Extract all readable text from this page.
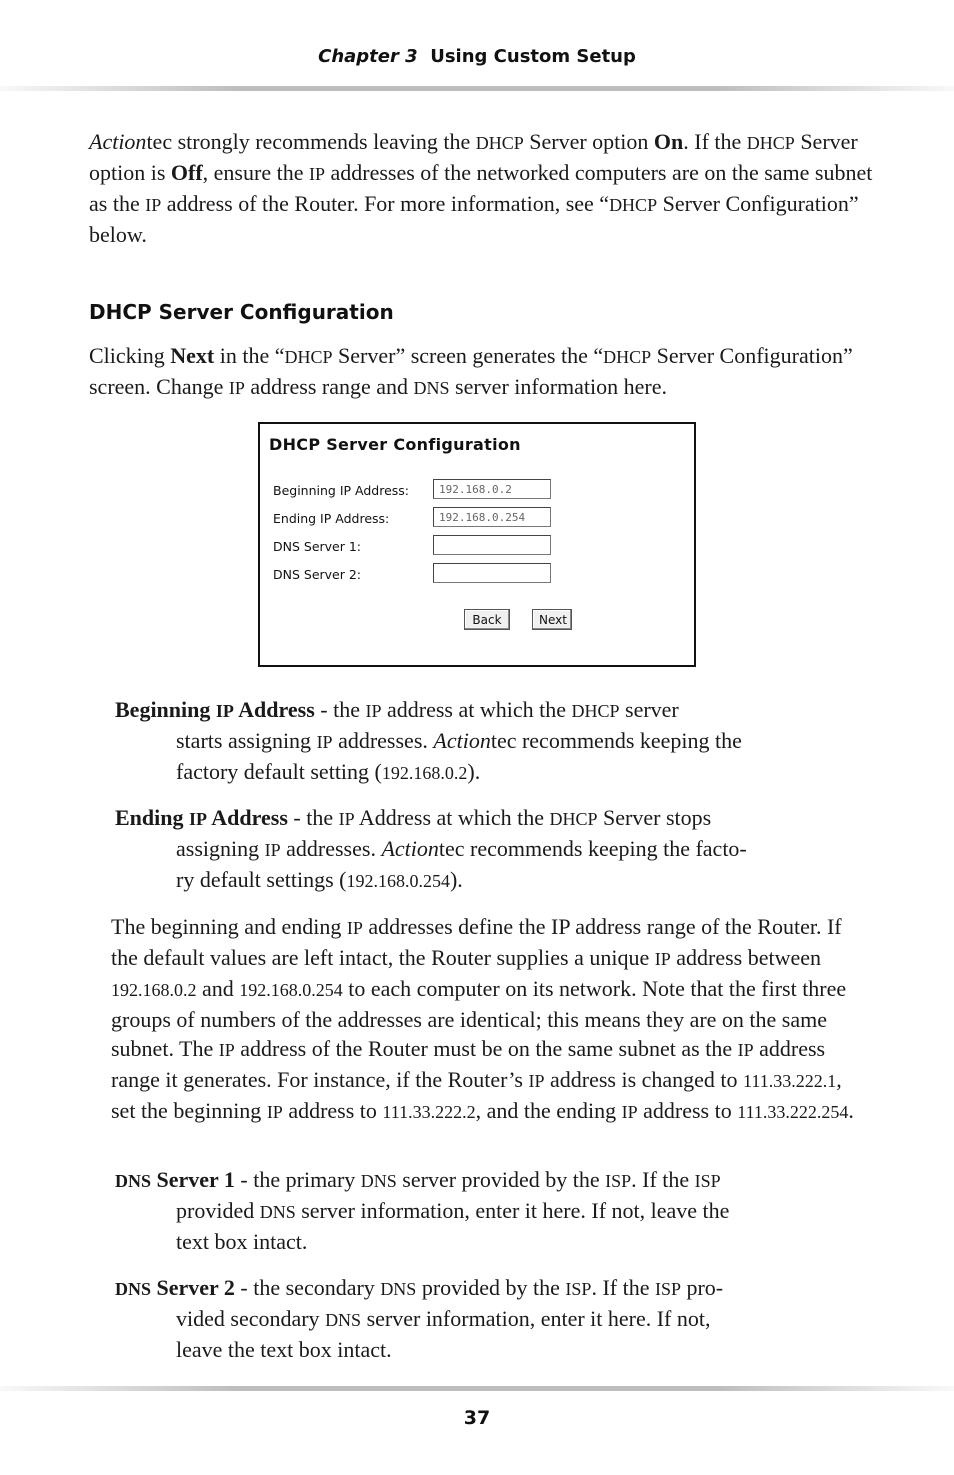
Chapter 3 Using Custom Setup

Actiontec strongly recommends leaving the DHCP Server option On. If the DHCP Server option is Off, ensure the IP addresses of the networked computers are on the same subnet as the IP address of the Router. For more information, see “DHCP Server Configuration” below.

DHCP Server Configuration

Clicking Next in the “DHCP Server” screen generates the “DHCP Server Configuration” screen. Change IP address range and DNS server information here.

DHCP Server Configuration
Beginning IP Address:
192.168.0.2
Ending IP Address:
192.168.0.254
DNS Server 1:
DNS Server 2:
Back	Next

Beginning IP Address - the IP address at which the DHCP server
starts assigning IP addresses. Actiontec recommends keeping the
factory default setting (192.168.0.2).

Ending IP Address - the IP Address at which the DHCP Server stops
assigning IP addresses. Actiontec recommends keeping the facto-
ry default settings (192.168.0.254).

The beginning and ending IP addresses define the IP address range of the Router. If the default values are left intact, the Router supplies a unique IP address between 192.168.0.2 and 192.168.0.254 to each computer on its network. Note that the first three groups of numbers of the addresses are identical; this means they are on the same subnet. The IP address of the Router must be on the same subnet as the IP address range it generates. For instance, if the Router’s IP address is changed to 111.33.222.1, set the beginning IP address to 111.33.222.2, and the ending IP address to 111.33.222.254.

DNS Server 1 - the primary DNS server provided by the ISP. If the ISP
provided DNS server information, enter it here. If not, leave the
text box intact.

DNS Server 2 - the secondary DNS provided by the ISP. If the ISP pro-
vided secondary DNS server information, enter it here. If not,
leave the text box intact.

37
